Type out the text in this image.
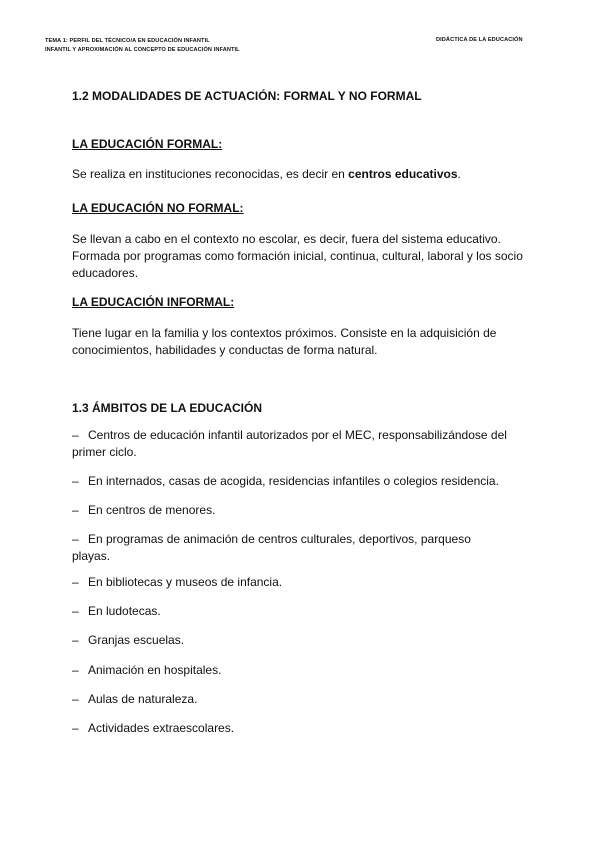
TEMA 1: PERFIL DEL TÉCNICO/A EN EDUCACIÓN INFANTIL
INFANTIL Y APROXIMACIÓN AL CONCEPTO DE EDUCACIÓN INFANTIL
DIDÁCTICA DE LA EDUCACIÓN
1.2 MODALIDADES DE ACTUACIÓN: FORMAL Y NO FORMAL
LA EDUCACIÓN FORMAL:
Se realiza en instituciones reconocidas, es decir en centros educativos.
LA EDUCACIÓN NO FORMAL:
Se llevan a cabo en el contexto no escolar, es decir, fuera del sistema educativo.
Formada por programas como formación inicial, continua, cultural, laboral y los socio
educadores.
LA EDUCACIÓN INFORMAL:
Tiene lugar en la familia y los contextos próximos. Consiste en la adquisición de
conocimientos, habilidades y conductas de forma natural.
1.3 ÁMBITOS DE LA EDUCACIÓN
– Centros de educación infantil autorizados por el MEC, responsabilizándose del
primer ciclo.
– En internados, casas de acogida, residencias infantiles o colegios residencia.
– En centros de menores.
– En programas de animación de centros culturales, deportivos, parqueso
playas.
– En bibliotecas y museos de infancia.
– En ludotecas.
– Granjas escuelas.
– Animación en hospitales.
– Aulas de naturaleza.
– Actividades extraescolares.
